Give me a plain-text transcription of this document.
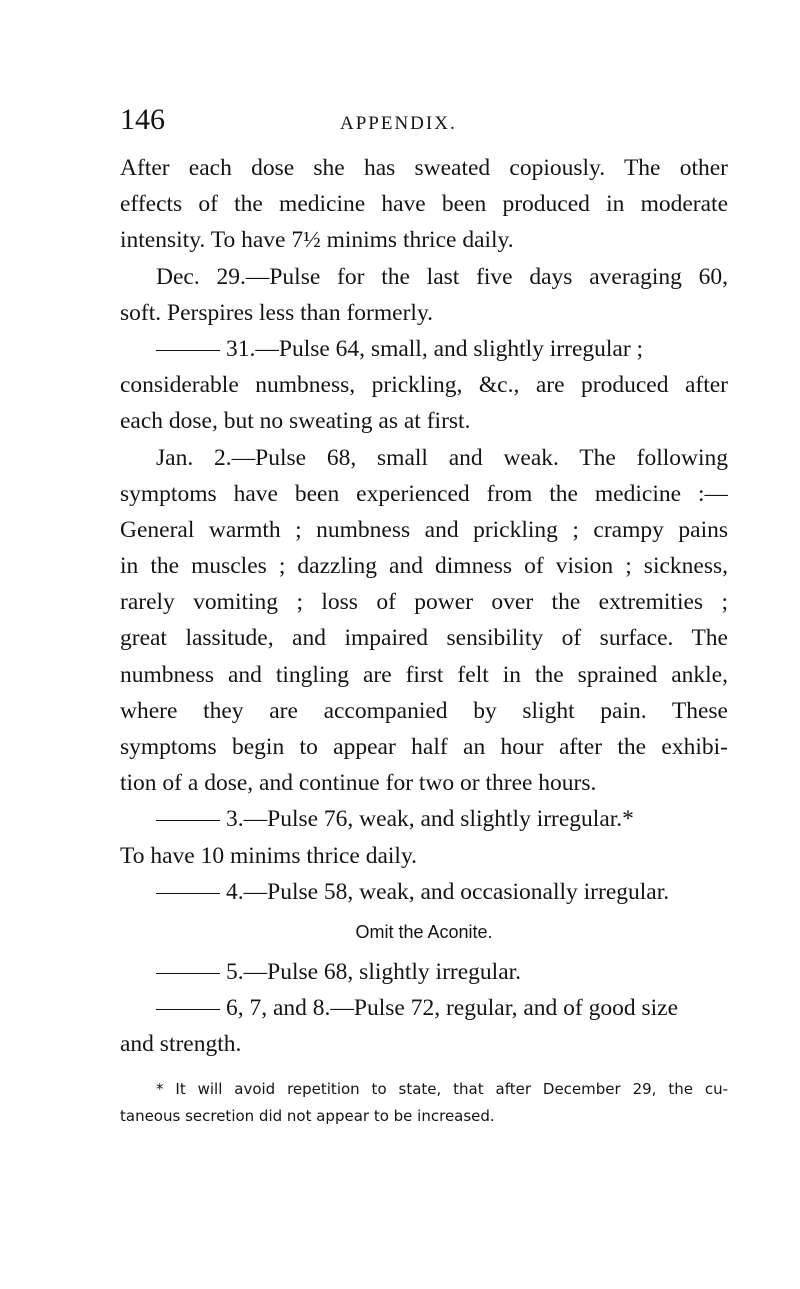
146	APPENDIX.
After each dose she has sweated copiously. The other
effects of the medicine have been produced in moderate
intensity. To have 7½ minims thrice daily.
Dec. 29.—Pulse for the last five days averaging 60,
soft. Perspires less than formerly.
31.—Pulse 64, small, and slightly irregular ;
considerable numbness, prickling, &c., are produced after
each dose, but no sweating as at first.
Jan. 2.—Pulse 68, small and weak. The following
symptoms have been experienced from the medicine :—
General warmth ; numbness and prickling ; crampy pains
in the muscles ; dazzling and dimness of vision ; sickness,
rarely vomiting ; loss of power over the extremities ;
great lassitude, and impaired sensibility of surface. The
numbness and tingling are first felt in the sprained ankle,
where they are accompanied by slight pain. These
symptoms begin to appear half an hour after the exhibi-
tion of a dose, and continue for two or three hours.
3.—Pulse 76, weak, and slightly irregular.*
To have 10 minims thrice daily.
4.—Pulse 58, weak, and occasionally irregular.
Omit the Aconite.
5.—Pulse 68, slightly irregular.
6, 7, and 8.—Pulse 72, regular, and of good size
and strength.
* It will avoid repetition to state, that after December 29, the cu-
taneous secretion did not appear to be increased.
